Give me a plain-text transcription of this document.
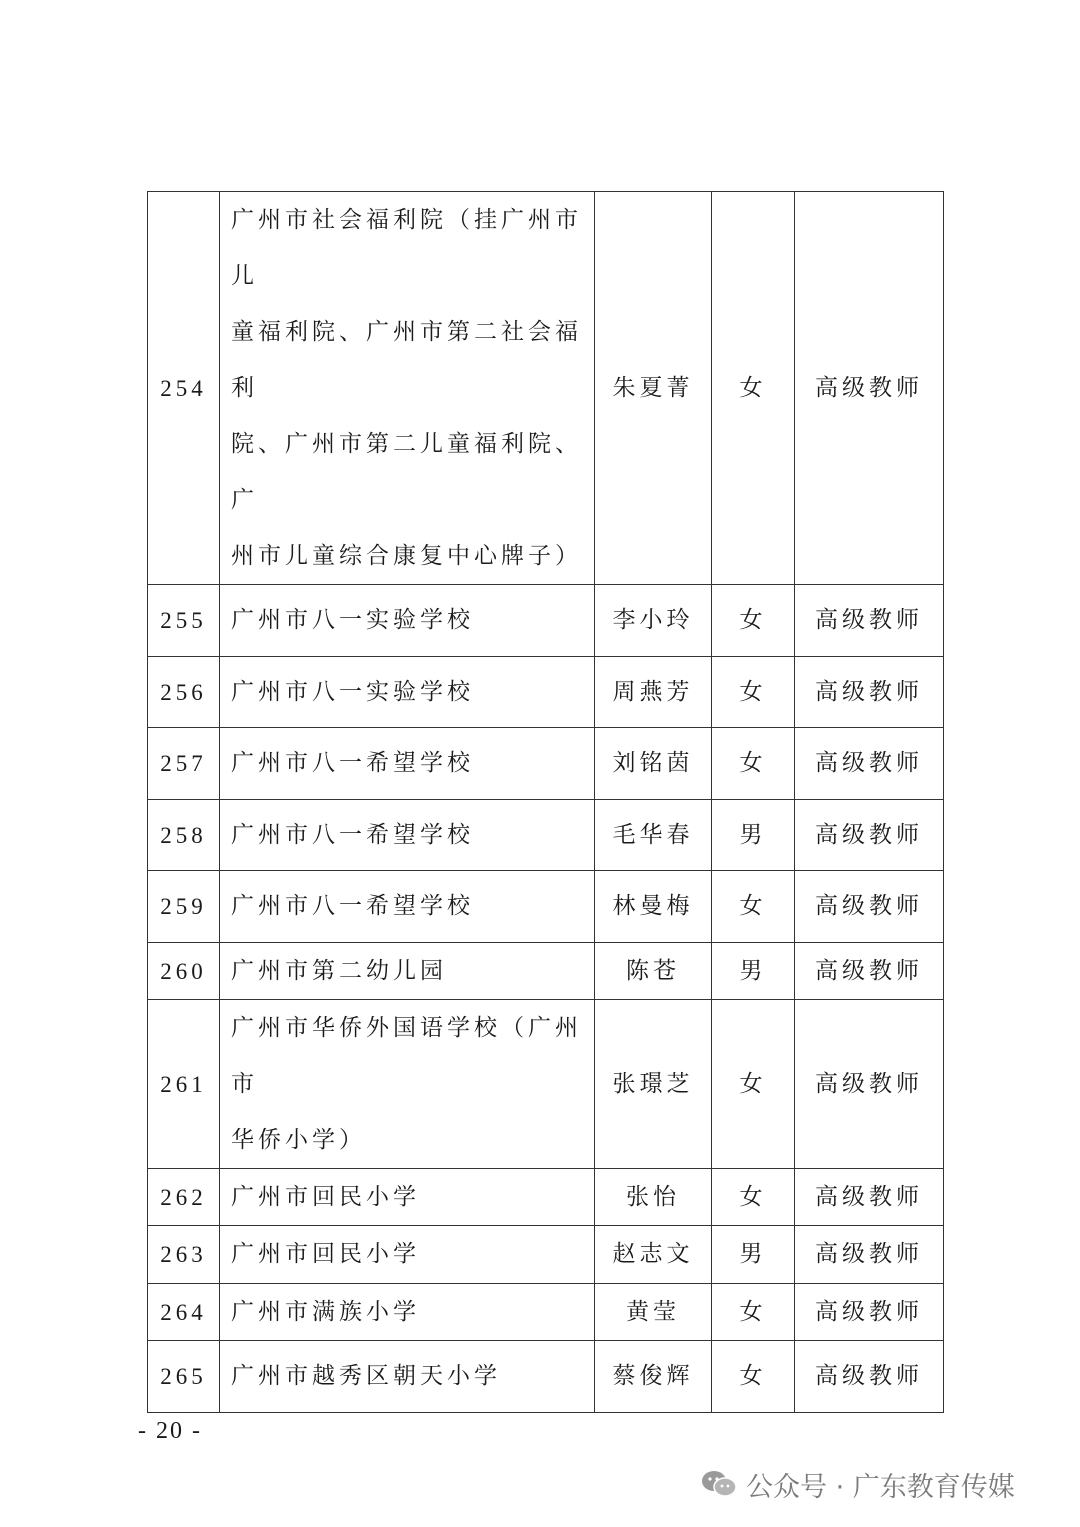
254	广州市社会福利院（挂广州市儿
童福利院、广州市第二社会福利
院、广州市第二儿童福利院、广
州市儿童综合康复中心牌子）	朱夏菁	女	高级教师
255	广州市八一实验学校	李小玲	女	高级教师
256	广州市八一实验学校	周燕芳	女	高级教师
257	广州市八一希望学校	刘铭茵	女	高级教师
258	广州市八一希望学校	毛华春	男	高级教师
259	广州市八一希望学校	林曼梅	女	高级教师
260	广州市第二幼儿园	陈苍	男	高级教师
261	广州市华侨外国语学校（广州市
华侨小学）	张璟芝	女	高级教师
262	广州市回民小学	张怡	女	高级教师
263	广州市回民小学	赵志文	男	高级教师
264	广州市满族小学	黄莹	女	高级教师
265	广州市越秀区朝天小学	蔡俊辉	女	高级教师
- 20 -
公众号 · 广东教育传媒
